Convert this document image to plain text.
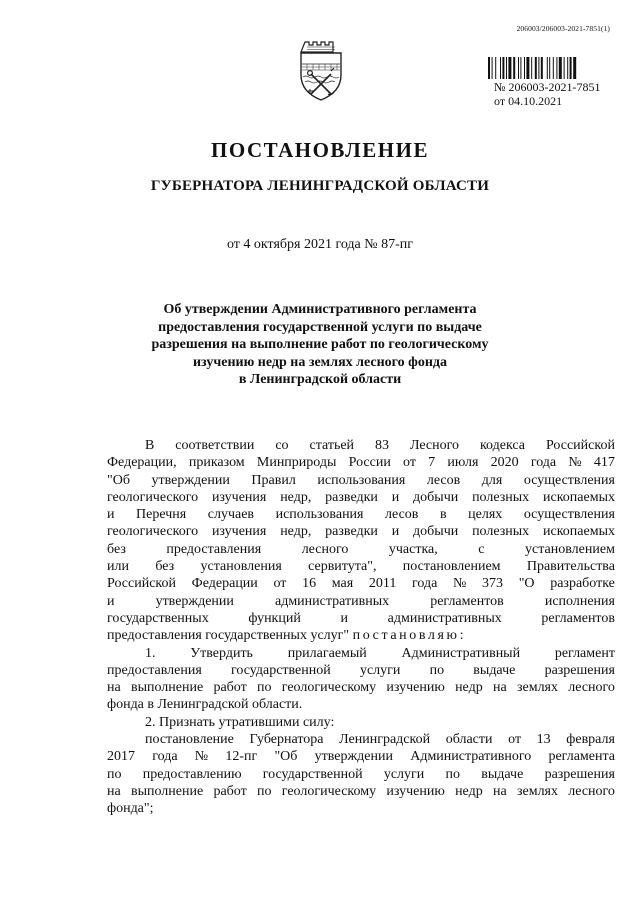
206003/206003-2021-7851(1)
№ 206003-2021-7851
от 04.10.2021
ПОСТАНОВЛЕНИЕ
ГУБЕРНАТОРА ЛЕНИНГРАДСКОЙ ОБЛАСТИ
от 4 октября 2021 года № 87-пг
Об утверждении Административного регламента
предоставления государственной услуги по выдаче
разрешения на выполнение работ по геологическому
изучению недр на землях лесного фонда
в Ленинградской области
В соответствии со статьей 83 Лесного кодекса Российской
Федерации, приказом Минприроды России от 7 июля 2020 года № 417
"Об утверждении Правил использования лесов для осуществления
геологического изучения недр, разведки и добычи полезных ископаемых
и Перечня случаев использования лесов в целях осуществления
геологического изучения недр, разведки и добычи полезных ископаемых
без	предоставления	лесного	участка,	с	установлением
или без установления сервитута", постановлением Правительства
Российской Федерации от 16 мая 2011 года № 373 "О разработке
и	утверждении	административных	регламентов	исполнения
государственных	функций	и	административных	регламентов
предоставления государственных услуг" постановляю:
1. Утвердить прилагаемый Административный регламент
предоставления государственной услуги по выдаче разрешения
на выполнение работ по геологическому изучению недр на землях лесного
фонда в Ленинградской области.
2. Признать утратившими силу:
постановление Губернатора Ленинградской области от 13 февраля
2017 года № 12-пг "Об утверждении Административного регламента
по предоставлению государственной услуги по выдаче разрешения
на выполнение работ по геологическому изучению недр на землях лесного
фонда";
